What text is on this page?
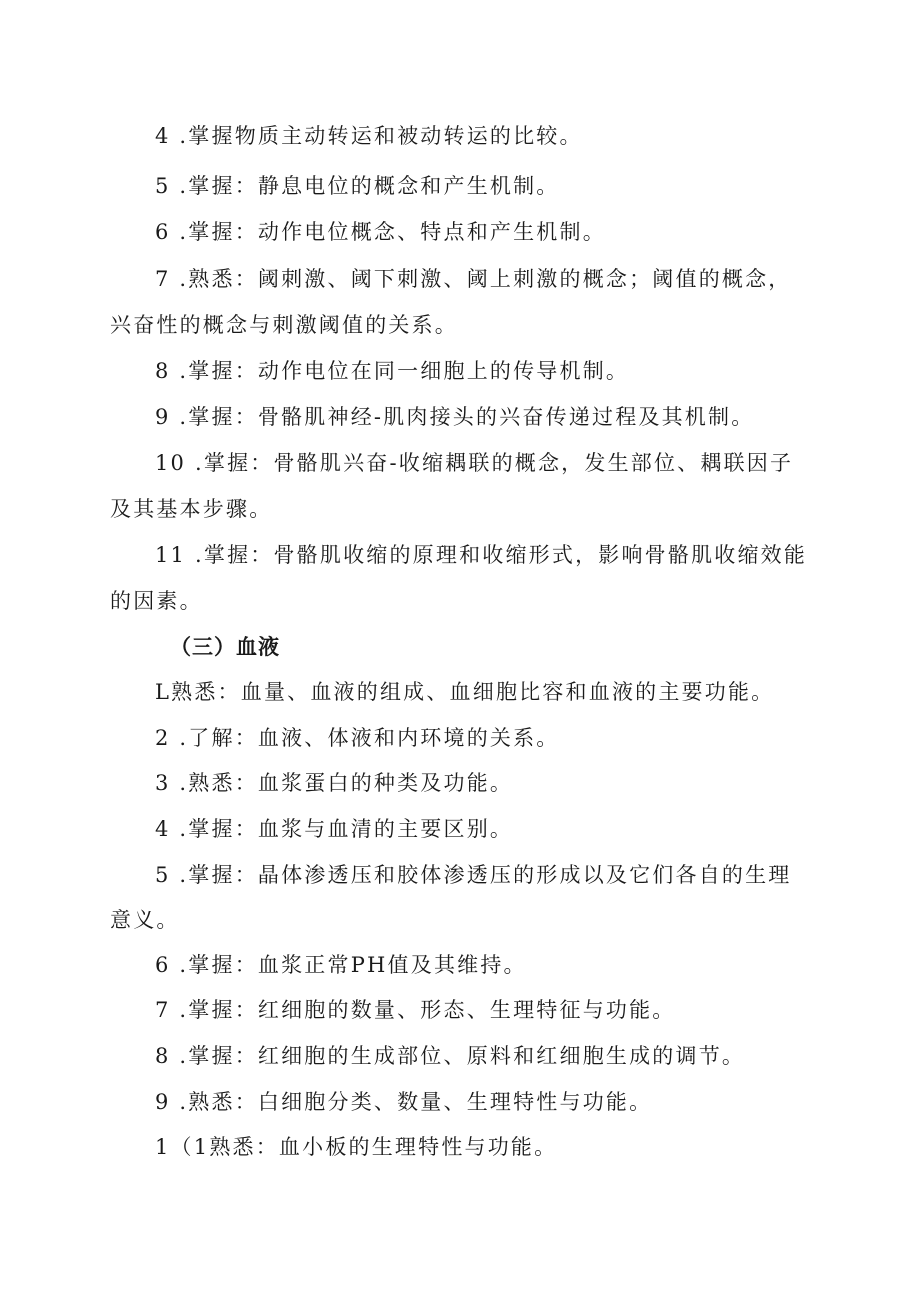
4 .掌握物质主动转运和被动转运的比较。
5 .掌握：静息电位的概念和产生机制。
6 .掌握：动作电位概念、特点和产生机制。
7 .熟悉：阈刺激、阈下刺激、阈上刺激的概念；阈值的概念，
兴奋性的概念与刺激阈值的关系。
8 .掌握：动作电位在同一细胞上的传导机制。
9 .掌握：骨骼肌神经-肌肉接头的兴奋传递过程及其机制。
10 .掌握：骨骼肌兴奋-收缩耦联的概念，发生部位、耦联因子
及其基本步骤。
11 .掌握：骨骼肌收缩的原理和收缩形式，影响骨骼肌收缩效能
的因素。
（三）血液
L熟悉：血量、血液的组成、血细胞比容和血液的主要功能。
2 .了解：血液、体液和内环境的关系。
3 .熟悉：血浆蛋白的种类及功能。
4 .掌握：血浆与血清的主要区别。
5 .掌握：晶体渗透压和胶体渗透压的形成以及它们各自的生理
意义。
6 .掌握：血浆正常PH值及其维持。
7 .掌握：红细胞的数量、形态、生理特征与功能。
8 .掌握：红细胞的生成部位、原料和红细胞生成的调节。
9 .熟悉：白细胞分类、数量、生理特性与功能。
1（1熟悉：血小板的生理特性与功能。
